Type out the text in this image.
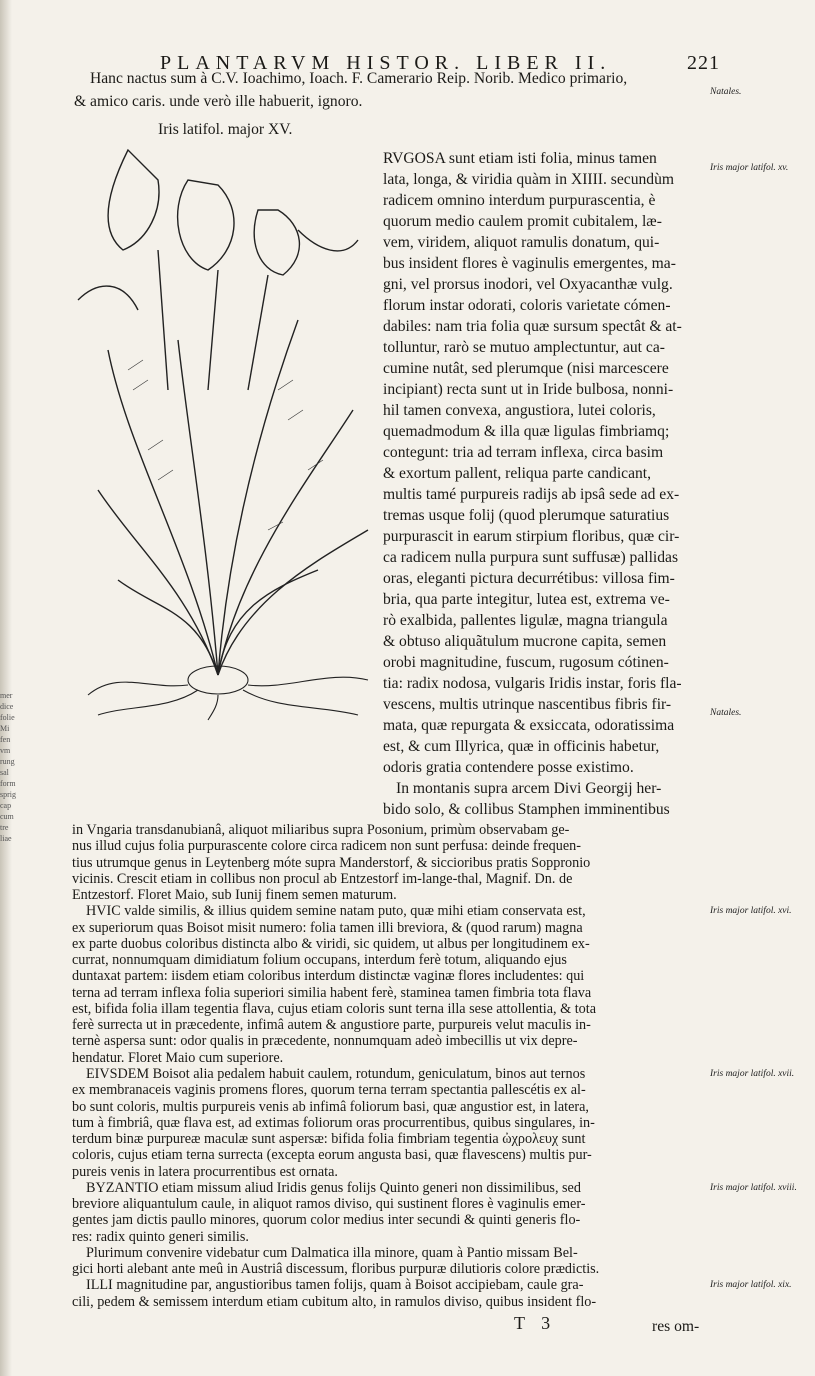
mer
dice
folie
Mi
fen
vm
rung
sal
form
sprig
cap
cum
tre
liae
PLANTARVM HISTOR. LIBER II.	221
Hanc nactus sum à C.V. Ioachimo, Ioach. F. Camerario Reip. Norib. Medico primario,
& amico caris. unde verò ille habuerit, ignoro.
Iris latifol. major XV.
RVGOSA sunt etiam isti folia, minus tamen
lata, longa, & viridia quàm in XIIII. secundùm
radicem omnino interdum purpurascentia, è
quorum medio caulem promit cubitalem, læ-
vem, viridem, aliquot ramulis donatum, qui-
bus insident flores è vaginulis emergentes, ma-
gni, vel prorsus inodori, vel Oxyacanthæ vulg.
florum instar odorati, coloris varietate cómen-
dabiles: nam tria folia quæ sursum spectât & at-
tolluntur, rarò se mutuo amplectuntur, aut ca-
cumine nutât, sed plerumque (nisi marcescere
incipiant) recta sunt ut in Iride bulbosa, nonni-
hil tamen convexa, angustiora, lutei coloris,
quemadmodum & illa quæ ligulas fimbriamq;
contegunt: tria ad terram inflexa, circa basim
& exortum pallent, reliqua parte candicant,
multis tamé purpureis radijs ab ipsâ sede ad ex-
tremas usque folij (quod plerumque saturatius
purpurascit in earum stirpium floribus, quæ cir-
ca radicem nulla purpura sunt suffusæ) pallidas
oras, eleganti pictura decurrétibus: villosa fim-
bria, qua parte integitur, lutea est, extrema ve-
rò exalbida, pallentes ligulæ, magna triangula
& obtuso aliquãtulum mucrone capita, semen
orobi magnitudine, fuscum, rugosum cótinen-
tia: radix nodosa, vulgaris Iridis instar, foris fla-
vescens, multis utrinque nascentibus fibris fir-
mata, quæ repurgata & exsiccata, odoratissima
est, & cum Illyrica, quæ in officinis habetur,
odoris gratia contendere posse existimo.
In montanis supra arcem Divi Georgij her-
bido solo, & collibus Stamphen imminentibus
in Vngaria transdanubianâ, aliquot miliaribus supra Posonium, primùm observabam ge-
nus illud cujus folia purpurascente colore circa radicem non sunt perfusa: deinde frequen-
tius utrumque genus in Leytenberg móte supra Manderstorf, & siccioribus pratis Soppronio
vicinis. Crescit etiam in collibus non procul ab Entzestorf im-lange-thal, Magnif. Dn. de
Entzestorf. Floret Maio, sub Iunij finem semen maturum.
HVIC valde similis, & illius quidem semine natam puto, quæ mihi etiam conservata est,
ex superiorum quas Boisot misit numero: folia tamen illi breviora, & (quod rarum) magna
ex parte duobus coloribus distincta albo & viridi, sic quidem, ut albus per longitudinem ex-
currat, nonnumquam dimidiatum folium occupans, interdum ferè totum, aliquando ejus
duntaxat partem: iisdem etiam coloribus interdum distinctæ vaginæ flores includentes: qui
terna ad terram inflexa folia superiori similia habent ferè, staminea tamen fimbria tota flava
est, bifida folia illam tegentia flava, cujus etiam coloris sunt terna illa sese attollentia, & tota
ferè surrecta ut in præcedente, infimâ autem & angustiore parte, purpureis velut maculis in-
ternè aspersa sunt: odor qualis in præcedente, nonnumquam adeò imbecillis ut vix depre-
hendatur. Floret Maio cum superiore.
EIVSDEM Boisot alia pedalem habuit caulem, rotundum, geniculatum, binos aut ternos
ex membranaceis vaginis promens flores, quorum terna terram spectantia pallescétis ex al-
bo sunt coloris, multis purpureis venis ab infimâ foliorum basi, quæ angustior est, in latera,
tum à fimbriâ, quæ flava est, ad extimas foliorum oras procurrentibus, quibus singulares, in-
terdum binæ purpureæ maculæ sunt aspersæ: bifida folia fimbriam tegentia ὠχρολευχ sunt
coloris, cujus etiam terna surrecta (excepta eorum angusta basi, quæ flavescens) multis pur-
pureis venis in latera procurrentibus est ornata.
BYZANTIO etiam missum aliud Iridis genus folijs Quinto generi non dissimilibus, sed
breviore aliquantulum caule, in aliquot ramos diviso, qui sustinent flores è vaginulis emer-
gentes jam dictis paullo minores, quorum color medius inter secundi & quinti generis flo-
res: radix quinto generi similis.
Plurimum convenire videbatur cum Dalmatica illa minore, quam à Pantio missam Bel-
gici horti alebant ante meû in Austriâ discessum, floribus purpuræ dilutioris colore prædictis.
ILLI magnitudine par, angustioribus tamen folijs, quam à Boisot accipiebam, caule gra-
cili, pedem & semissem interdum etiam cubitum alto, in ramulos diviso, quibus insident flo-
Natales.
Iris major latifol. xv.
Natales.
Iris major latifol. xvi.
Iris major latifol. xvii.
Iris major latifol. xviii.
Iris major latifol. xix.
T 3	res om-
